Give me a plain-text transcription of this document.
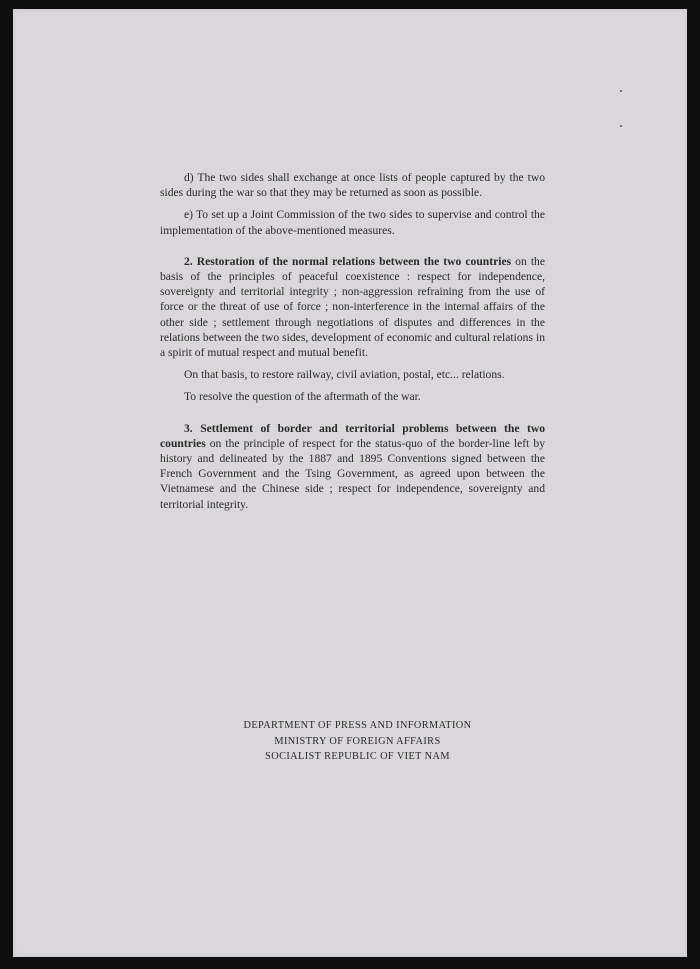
d) The two sides shall exchange at once lists of people captured by the two sides during the war so that they may be returned as soon as possible.

e) To set up a Joint Commission of the two sides to supervise and control the implementation of the above-mentioned measures.

2. Restoration of the normal relations between the two countries on the basis of the principles of peaceful coexistence : respect for independence, sovereignty and territorial integrity ; non-aggression refraining from the use of force or the threat of use of force ; non-interference in the internal affairs of the other side ; settlement through negotiations of disputes and differences in the relations between the two sides, development of economic and cultural relations in a spirit of mutual respect and mutual benefit.

On that basis, to restore railway, civil aviation, postal, etc... relations.

To resolve the question of the aftermath of the war.

3. Settlement of border and territorial problems between the two countries on the principle of respect for the status-quo of the border-line left by history and delineated by the 1887 and 1895 Conventions signed between the French Government and the Tsing Government, as agreed upon between the Vietnamese and the Chinese side ; respect for independence, sovereignty and territorial integrity.

DEPARTMENT OF PRESS AND INFORMATION
MINISTRY OF FOREIGN AFFAIRS
SOCIALIST REPUBLIC OF VIET NAM
